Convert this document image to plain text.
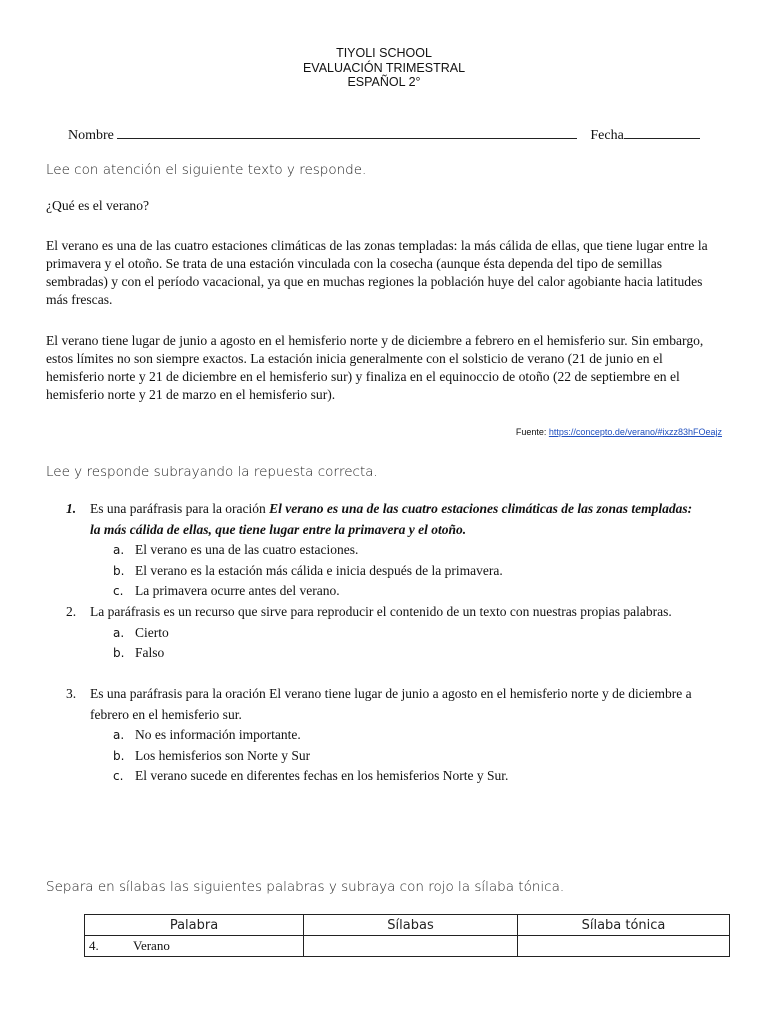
TIYOLI SCHOOL
EVALUACIÓN TRIMESTRAL
ESPAÑOL 2°
Nombre	Fecha
Lee con atención el siguiente texto y responde.
¿Qué es el verano?
El verano es una de las cuatro estaciones climáticas de las zonas templadas: la más cálida de ellas, que tiene lugar entre la primavera y el otoño. Se trata de una estación vinculada con la cosecha (aunque ésta dependa del tipo de semillas sembradas) y con el período vacacional, ya que en muchas regiones la población huye del calor agobiante hacia latitudes más frescas.
El verano tiene lugar de junio a agosto en el hemisferio norte y de diciembre a febrero en el hemisferio sur. Sin embargo, estos límites no son siempre exactos. La estación inicia generalmente con el solsticio de verano (21 de junio en el hemisferio norte y 21 de diciembre en el hemisferio sur) y finaliza en el equinoccio de otoño (22 de septiembre en el hemisferio norte y 21 de marzo en el hemisferio sur).
Fuente: https://concepto.de/verano/#ixzz83hFOeajz
Lee y responde subrayando la repuesta correcta.
1. Es una paráfrasis para la oración El verano es una de las cuatro estaciones climáticas de las zonas templadas: la más cálida de ellas, que tiene lugar entre la primavera y el otoño.
a. El verano es una de las cuatro estaciones.
b. El verano es la estación más cálida e inicia después de la primavera.
c. La primavera ocurre antes del verano.
2. La paráfrasis es un recurso que sirve para reproducir el contenido de un texto con nuestras propias palabras.
a. Cierto
b. Falso
3. Es una paráfrasis para la oración El verano tiene lugar de junio a agosto en el hemisferio norte y de diciembre a febrero en el hemisferio sur.
a. No es información importante.
b. Los hemisferios son Norte y Sur
c. El verano sucede en diferentes fechas en los hemisferios Norte y Sur.
Separa en sílabas las siguientes palabras y subraya con rojo la sílaba tónica.
Palabra	Sílabas	Sílaba tónica
4. Verano		
